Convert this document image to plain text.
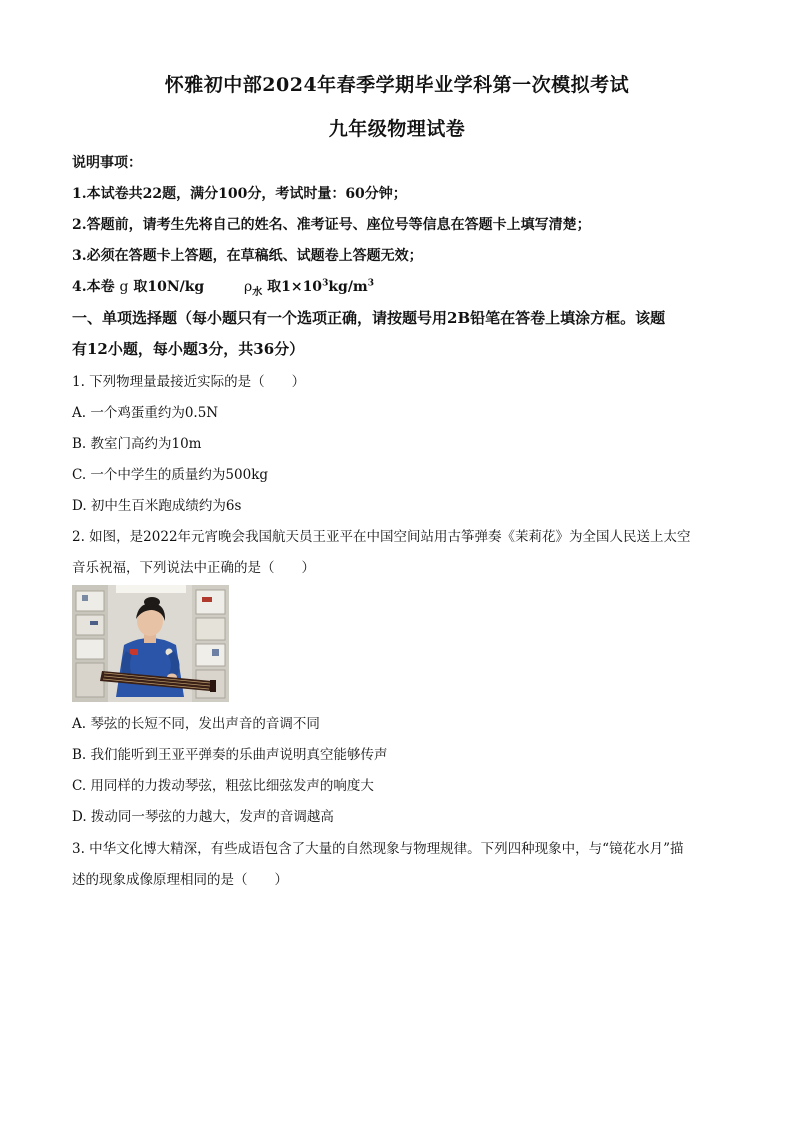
怀雅初中部2024年春季学期毕业学科第一次模拟考试
九年级物理试卷
说明事项：
1.本试卷共22题，满分100分，考试时量：60分钟；
2.答题前，请考生先将自己的姓名、准考证号、座位号等信息在答题卡上填写清楚；
3.必须在答题卡上答题，在草稿纸、试题卷上答题无效；
4.本卷 g 取10N/kg	$\rho_水$ 取$1\times 10^3kg/m^3$
一、单项选择题（每小题只有一个选项正确，请按题号用2B铅笔在答卷上填涂方框。该题
有12小题，每小题3分，共36分）
1. 下列物理量最接近实际的是（　　）
A. 一个鸡蛋重约为0.5N
B. 教室门高约为10m
C. 一个中学生的质量约为500kg
D. 初中生百米跑成绩约为6s
2. 如图，是2022年元宵晚会我国航天员王亚平在中国空间站用古筝弹奏《茉莉花》为全国人民送上太空
音乐祝福，下列说法中正确的是（　　）
A. 琴弦的长短不同，发出声音的音调不同
B. 我们能听到王亚平弹奏的乐曲声说明真空能够传声
C. 用同样的力拨动琴弦，粗弦比细弦发声的响度大
D. 拨动同一琴弦的力越大，发声的音调越高
3. 中华文化博大精深，有些成语包含了大量的自然现象与物理规律。下列四种现象中，与“镜花水月”描
述的现象成像原理相同的是（　　）
